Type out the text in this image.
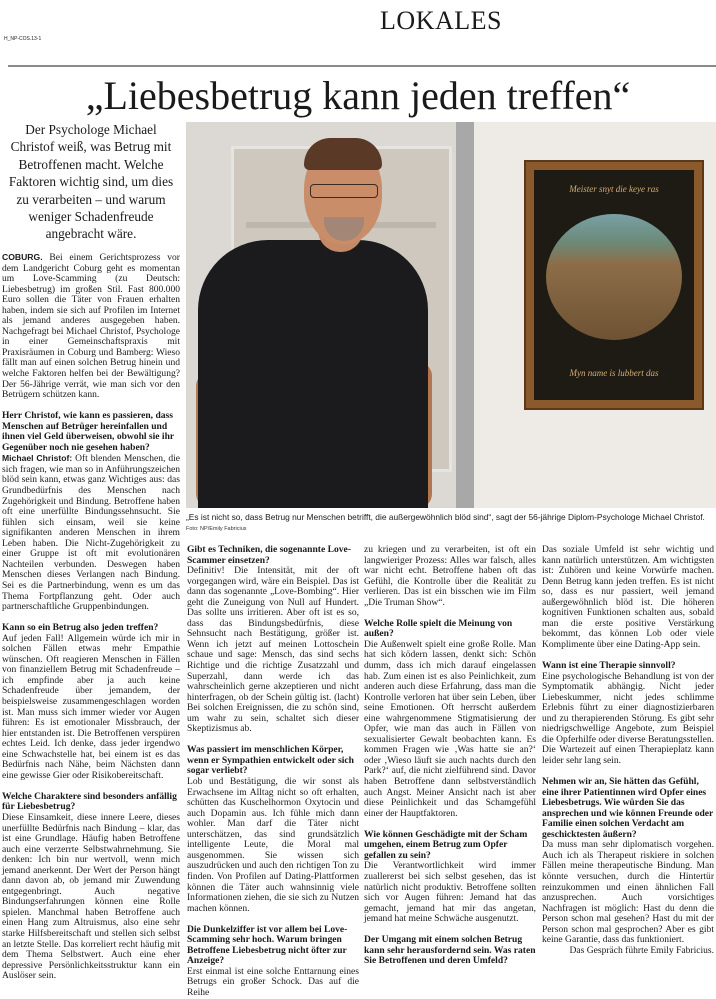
H_NP-COS.13-1
LOKALES
„Liebesbetrug kann jeden treffen“
Der Psychologe Michael Christof weiß, was Betrug mit Betroffenen macht. Welche Faktoren wichtig sind, um dies zu verarbeiten – und warum weniger Schadenfreude angebracht wäre.

COBURG. Bei einem Gerichtsprozess vor dem Landgericht Coburg geht es momentan um Love-Scamming (zu Deutsch: Liebesbetrug) im großen Stil. Fast 800.000 Euro sollen die Täter von Frauen erhalten haben, indem sie sich auf Profilen im Internet als jemand anderes ausgegeben haben. Nachgefragt bei Michael Christof, Psychologe in einer Gemeinschaftspraxis mit Praxisräumen in Coburg und Bamberg: Wieso fällt man auf einen solchen Betrug hinein und welche Faktoren helfen bei der Bewältigung? Der 56-Jährige verrät, wie man sich vor den Betrügern schützen kann.

Herr Christof, wie kann es passieren, dass Menschen auf Betrüger hereinfallen und ihnen viel Geld überweisen, obwohl sie ihr Gegenüber noch nie gesehen haben?

Michael Christof: Oft blenden Menschen, die sich fragen, wie man so in Anführungszeichen blöd sein kann, etwas ganz Wichtiges aus: das Grundbedürfnis des Menschen nach Zugehörigkeit und Bindung. Betroffene haben oft eine unerfüllte Bindungssehnsucht. Sie fühlen sich einsam, weil sie keine signifikanten anderen Menschen in ihrem Leben haben. Die Nicht-Zugehörigkeit zu einer Gruppe ist oft mit evolutionären Nachteilen verbunden. Deswegen haben Menschen dieses Verlangen nach Bindung. Sei es die Partnerbindung, wenn es um das Thema Fortpflanzung geht. Oder auch partnerschaftliche Gruppenbindungen.

Kann so ein Betrug also jeden treffen?

Auf jeden Fall! Allgemein würde ich mir in solchen Fällen etwas mehr Empathie wünschen. Oft reagieren Menschen in Fällen von finanziellem Betrug mit Schadenfreude – ich empfinde aber ja auch keine Schadenfreude über jemandem, der beispielsweise zusammengeschlagen worden ist. Man muss sich immer wieder vor Augen führen: Es ist emotionaler Missbrauch, der hier entstanden ist. Die Betroffenen verspüren echtes Leid. Ich denke, dass jeder irgendwo eine Schwachstelle hat, bei einem ist es das Bedürfnis nach Nähe, beim Nächsten dann eine gewisse Gier oder Risikobereitschaft.

Welche Charaktere sind besonders anfällig für Liebesbetrug?

Diese Einsamkeit, diese innere Leere, dieses unerfüllte Bedürfnis nach Bindung – klar, das ist eine Grundlage. Häufig haben Betroffene auch eine verzerrte Selbstwahrnehmung. Sie denken: Ich bin nur wertvoll, wenn mich jemand anerkennt. Der Wert der Person hängt dann davon ab, ob jemand mir Zuwendung entgegenbringt. Auch negative Bindungserfahrungen können eine Rolle spielen. Manchmal haben Betroffene auch einen Hang zum Altruismus, also eine sehr starke Hilfsbereitschaft und stellen sich selbst an letzte Stelle. Das korreliert recht häufig mit dem Thema Selbstwert. Auch eine eher depressive Persönlichkeitsstruktur kann ein Auslöser sein.

Meister snyt die keye ras
Myn name is lubbert das
„Es ist nicht so, dass Betrug nur Menschen betrifft, die außergewöhnlich blöd sind“, sagt der 56-jährige Diplom-Psychologe Michael Christof.
Foto: NP/Emily Fabricius

Gibt es Techniken, die sogenannte Love-Scammer einsetzen?

Definitiv! Die Intensität, mit der oft vorgegangen wird, wäre ein Beispiel. Das ist dann das sogenannte „Love-Bombing“. Hier geht die Zuneigung von Null auf Hundert. Das sollte uns irritieren. Aber oft ist es so, dass das Bindungsbedürfnis, diese Sehnsucht nach Bestätigung, größer ist. Wenn ich jetzt auf meinen Lottoschein schaue und sage: Mensch, das sind sechs Richtige und die richtige Zusatzzahl und Superzahl, dann werde ich das wahrscheinlich gerne akzeptieren und nicht hinterfragen, ob der Schein gültig ist. (lacht) Bei solchen Ereignissen, die zu schön sind, um wahr zu sein, schaltet sich dieser Skeptizismus ab.

Was passiert im menschlichen Körper, wenn er Sympathien entwickelt oder sich sogar verliebt?

Lob und Bestätigung, die wir sonst als Erwachsene im Alltag nicht so oft erhalten, schütten das Kuschelhormon Oxytocin und auch Dopamin aus. Ich fühle mich dann wohler. Man darf die Täter nicht unterschätzen, das sind grundsätzlich intelligente Leute, die Moral mal ausgenommen. Sie wissen sich auszudrücken und auch den richtigen Ton zu finden. Von Profilen auf Dating-Plattformen können die Täter auch wahnsinnig viele Informationen ziehen, die sie sich zu Nutzen machen können.

Die Dunkelziffer ist vor allem bei Love-Scamming sehr hoch. Warum bringen Betroffene Liebesbetrug nicht öfter zur Anzeige?

Erst einmal ist eine solche Enttarnung eines Betrugs ein großer Schock. Das auf die Reihe

zu kriegen und zu verarbeiten, ist oft ein langwieriger Prozess: Alles war falsch, alles war nicht echt. Betroffene haben oft das Gefühl, die Kontrolle über die Realität zu verlieren. Das ist ein bisschen wie im Film „Die Truman Show“.

Welche Rolle spielt die Meinung von außen?

Die Außenwelt spielt eine große Rolle. Man hat sich ködern lassen, denkt sich: Schön dumm, dass ich mich darauf eingelassen hab. Zum einen ist es also Peinlichkeit, zum anderen auch diese Erfahrung, dass man die Kontrolle verloren hat über sein Leben, über seine Emotionen. Oft herrscht außerdem eine wahrgenommene Stigmatisierung der Opfer, wie man das auch in Fällen von sexualisierter Gewalt beobachten kann. Es kommen Fragen wie ‚Was hatte sie an?‘ oder ‚Wieso läuft sie auch nachts durch den Park?‘ auf, die nicht zielführend sind. Davor haben Betroffene dann selbstverständlich auch Angst. Meiner Ansicht nach ist aber diese Peinlichkeit und das Schamgefühl einer der Hauptfaktoren.

Wie können Geschädigte mit der Scham umgehen, einem Betrug zum Opfer gefallen zu sein?

Die Verantwortlichkeit wird immer zuallererst bei sich selbst gesehen, das ist natürlich nicht produktiv. Betroffene sollten sich vor Augen führen: Jemand hat das gemacht, jemand hat mir das angetan, jemand hat meine Schwäche ausgenutzt.

Der Umgang mit einem solchen Betrug kann sehr herausfordernd sein. Was raten Sie Betroffenen und deren Umfeld?

Das soziale Umfeld ist sehr wichtig und kann natürlich unterstützen. Am wichtigsten ist: Zuhören und keine Vorwürfe machen. Denn Betrug kann jeden treffen. Es ist nicht so, dass es nur passiert, weil jemand außergewöhnlich blöd ist. Die höheren kognitiven Funktionen schalten aus, sobald man die erste positive Verstärkung bekommt, das können Lob oder viele Komplimente über eine Dating-App sein.

Wann ist eine Therapie sinnvoll?

Eine psychologische Behandlung ist von der Symptomatik abhängig. Nicht jeder Liebeskummer, nicht jedes schlimme Erlebnis führt zu einer diagnostizierbaren und zu therapierenden Störung. Es gibt sehr niedrigschwellige Angebote, zum Beispiel die Opferhilfe oder diverse Beratungsstellen. Die Wartezeit auf einen Therapieplatz kann leider sehr lang sein.

Nehmen wir an, Sie hätten das Gefühl, eine ihrer Patientinnen wird Opfer eines Liebesbetrugs. Wie würden Sie das ansprechen und wie können Freunde oder Familie einen solchen Verdacht am geschicktesten äußern?

Da muss man sehr diplomatisch vorgehen. Auch ich als Therapeut riskiere in solchen Fällen meine therapeutische Bindung. Man könnte versuchen, durch die Hintertür reinzukommen und einen ähnlichen Fall anzusprechen. Auch vorsichtiges Nachfragen ist möglich: Hast du denn die Person schon mal gesehen? Hast du mit der Person schon mal gesprochen? Aber es gibt keine Garantie, dass das funktioniert.

Das Gespräch führte Emily Fabricius.
